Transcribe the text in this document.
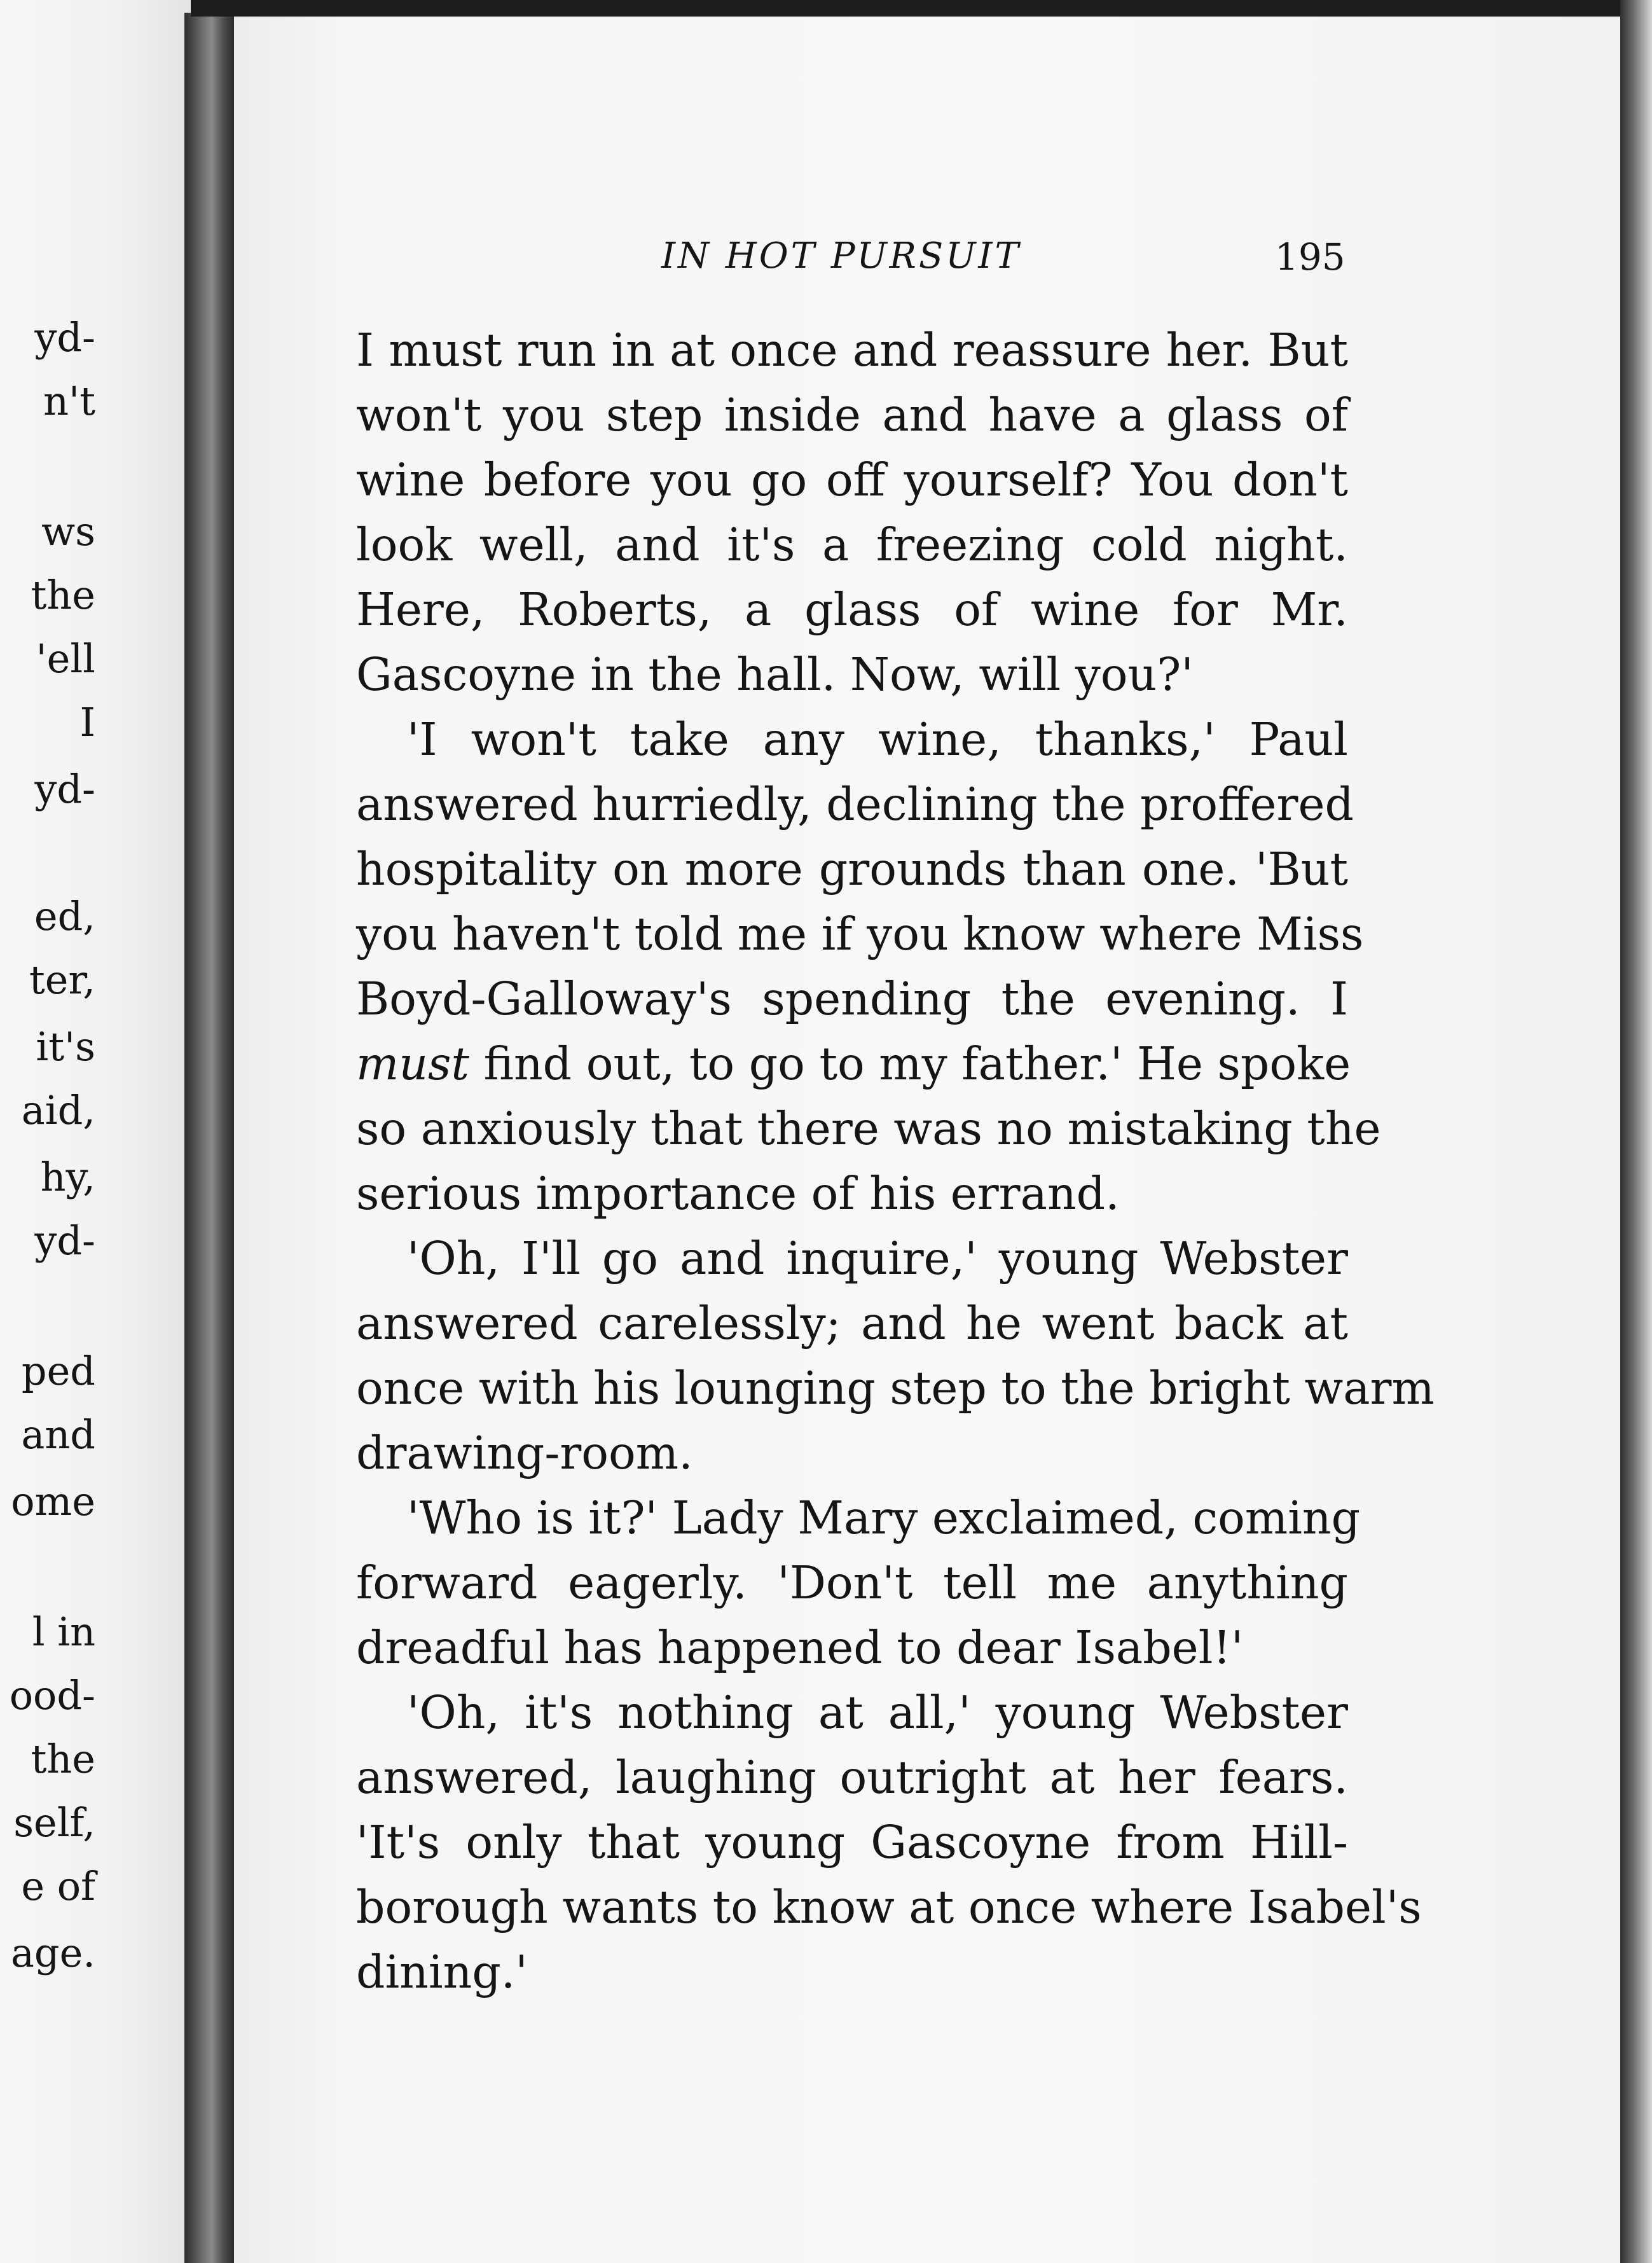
yd-
n't
ws
the
'ell
I
yd-
ed,
ter,
it's
aid,
hy,
yd-
ped
and
ome
l in
ood-
the
self,
e of
age.
IN HOT PURSUIT	195
I must run in at once and reassure her. But
won't you step inside and have a glass of
wine before you go off yourself? You don't
look well, and it's a freezing cold night.
Here, Roberts, a glass of wine for Mr.
Gascoyne in the hall. Now, will you?'
'I won't take any wine, thanks,' Paul
answered hurriedly, declining the proffered
hospitality on more grounds than one. 'But
you haven't told me if you know where Miss
Boyd-Galloway's spending the evening. I
must find out, to go to my father.' He spoke
so anxiously that there was no mistaking the
serious importance of his errand.
'Oh, I'll go and inquire,' young Webster
answered carelessly; and he went back at
once with his lounging step to the bright warm
drawing-room.
'Who is it?' Lady Mary exclaimed, coming
forward eagerly. 'Don't tell me anything
dreadful has happened to dear Isabel!'
'Oh, it's nothing at all,' young Webster
answered, laughing outright at her fears.
'It's only that young Gascoyne from Hill-
borough wants to know at once where Isabel's
dining.'
